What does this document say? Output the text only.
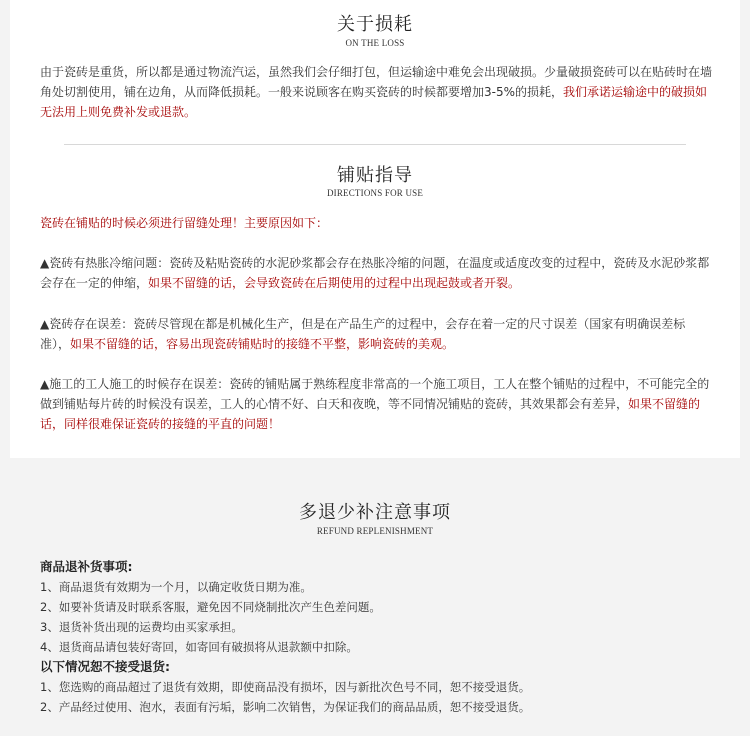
关于损耗
ON THE LOSS
由于瓷砖是重货，所以都是通过物流汽运，虽然我们会仔细打包，但运输途中难免会出现破损。少量破损瓷砖可以在贴砖时在墙角处切割使用，铺在边角，从而降低损耗。一般来说顾客在购买瓷砖的时候都要增加3-5%的损耗，我们承诺运输途中的破损如无法用上则免费补发或退款。
铺贴指导
DIRECTIONS FOR USE
瓷砖在铺贴的时候必须进行留缝处理！主要原因如下：
▲瓷砖有热胀冷缩问题：瓷砖及粘贴瓷砖的水泥砂浆都会存在热胀冷缩的问题，在温度或适度改变的过程中，瓷砖及水泥砂浆都会存在一定的伸缩，如果不留缝的话，会导致瓷砖在后期使用的过程中出现起鼓或者开裂。
▲瓷砖存在误差：瓷砖尽管现在都是机械化生产，但是在产品生产的过程中，会存在着一定的尺寸误差（国家有明确误差标准），如果不留缝的话，容易出现瓷砖铺贴时的接缝不平整，影响瓷砖的美观。
▲施工的工人施工的时候存在误差：瓷砖的铺贴属于熟练程度非常高的一个施工项目，工人在整个铺贴的过程中，不可能完全的做到铺贴每片砖的时候没有误差，工人的心情不好、白天和夜晚，等不同情况铺贴的瓷砖，其效果都会有差异，如果不留缝的话，同样很难保证瓷砖的接缝的平直的问题！
多退少补注意事项
REFUND REPLENISHMENT
商品退补货事项:
1、商品退货有效期为一个月，以确定收货日期为准。
2、如要补货请及时联系客服，避免因不同烧制批次产生色差问题。
3、退货补货出现的运费均由买家承担。
4、退货商品请包装好寄回，如寄回有破损将从退款额中扣除。
以下情况恕不接受退货:
1、您选购的商品超过了退货有效期，即使商品没有损坏，因与新批次色号不同，恕不接受退货。
2、产品经过使用、泡水，表面有污垢，影响二次销售，为保证我们的商品品质，恕不接受退货。
